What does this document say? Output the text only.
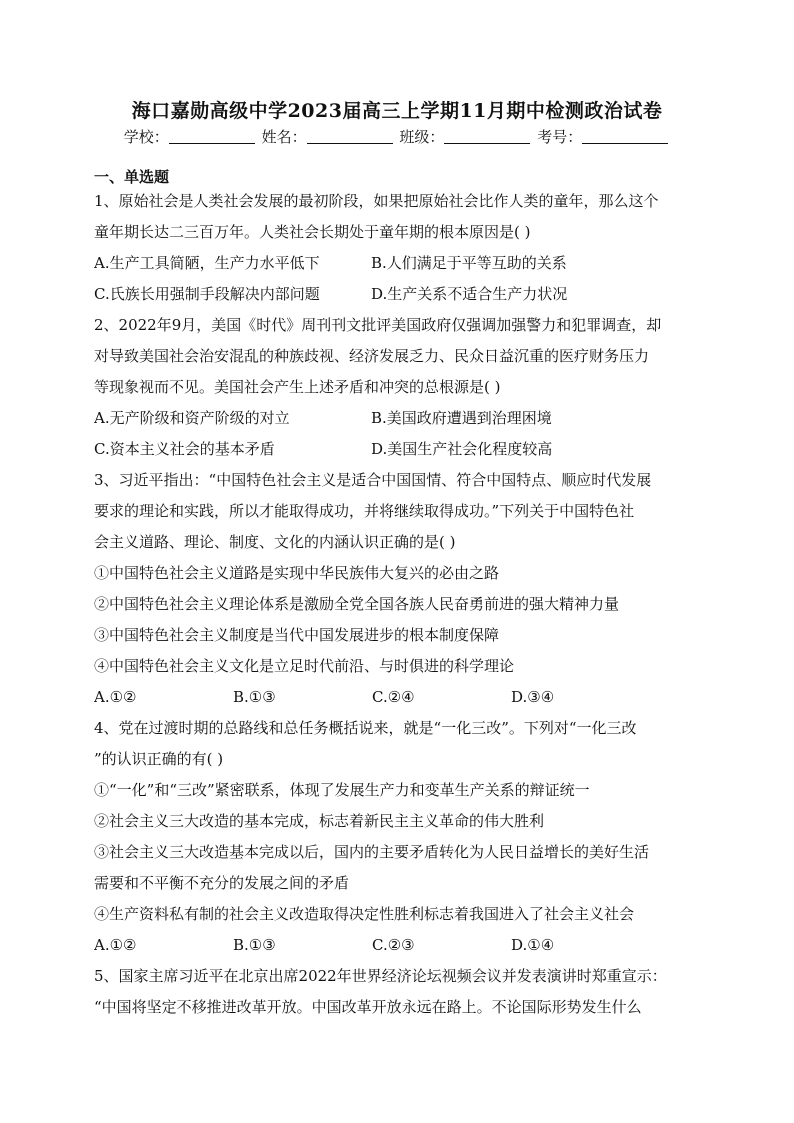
海口嘉勋高级中学2023届高三上学期11月期中检测政治试卷
学校：	姓名：	班级：	考号：
一、单选题
1、原始社会是人类社会发展的最初阶段，如果把原始社会比作人类的童年，那么这个
童年期长达二三百万年。人类社会长期处于童年期的根本原因是( )
A.生产工具简陋，生产力水平低下	B.人们满足于平等互助的关系
C.氏族长用强制手段解决内部问题	D.生产关系不适合生产力状况
2、2022年9月，美国《时代》周刊刊文批评美国政府仅强调加强警力和犯罪调查，却
对导致美国社会治安混乱的种族歧视、经济发展乏力、民众日益沉重的医疗财务压力
等现象视而不见。美国社会产生上述矛盾和冲突的总根源是( )
A.无产阶级和资产阶级的对立	B.美国政府遭遇到治理困境
C.资本主义社会的基本矛盾	D.美国生产社会化程度较高
3、习近平指出：“中国特色社会主义是适合中国国情、符合中国特点、顺应时代发展
要求的理论和实践，所以才能取得成功，并将继续取得成功。”下列关于中国特色社
会主义道路、理论、制度、文化的内涵认识正确的是( )
①中国特色社会主义道路是实现中华民族伟大复兴的必由之路
②中国特色社会主义理论体系是激励全党全国各族人民奋勇前进的强大精神力量
③中国特色社会主义制度是当代中国发展进步的根本制度保障
④中国特色社会主义文化是立足时代前沿、与时俱进的科学理论
A.①②	B.①③	C.②④	D.③④
4、党在过渡时期的总路线和总任务概括说来，就是“一化三改”。下列对“一化三改
”的认识正确的有( )
①“一化”和“三改”紧密联系，体现了发展生产力和变革生产关系的辩证统一
②社会主义三大改造的基本完成，标志着新民主主义革命的伟大胜利
③社会主义三大改造基本完成以后，国内的主要矛盾转化为人民日益增长的美好生活
需要和不平衡不充分的发展之间的矛盾
④生产资料私有制的社会主义改造取得决定性胜利标志着我国进入了社会主义社会
A.①②	B.①③	C.②③	D.①④
5、国家主席习近平在北京出席2022年世界经济论坛视频会议并发表演讲时郑重宣示：
“中国将坚定不移推进改革开放。中国改革开放永远在路上。不论国际形势发生什么
